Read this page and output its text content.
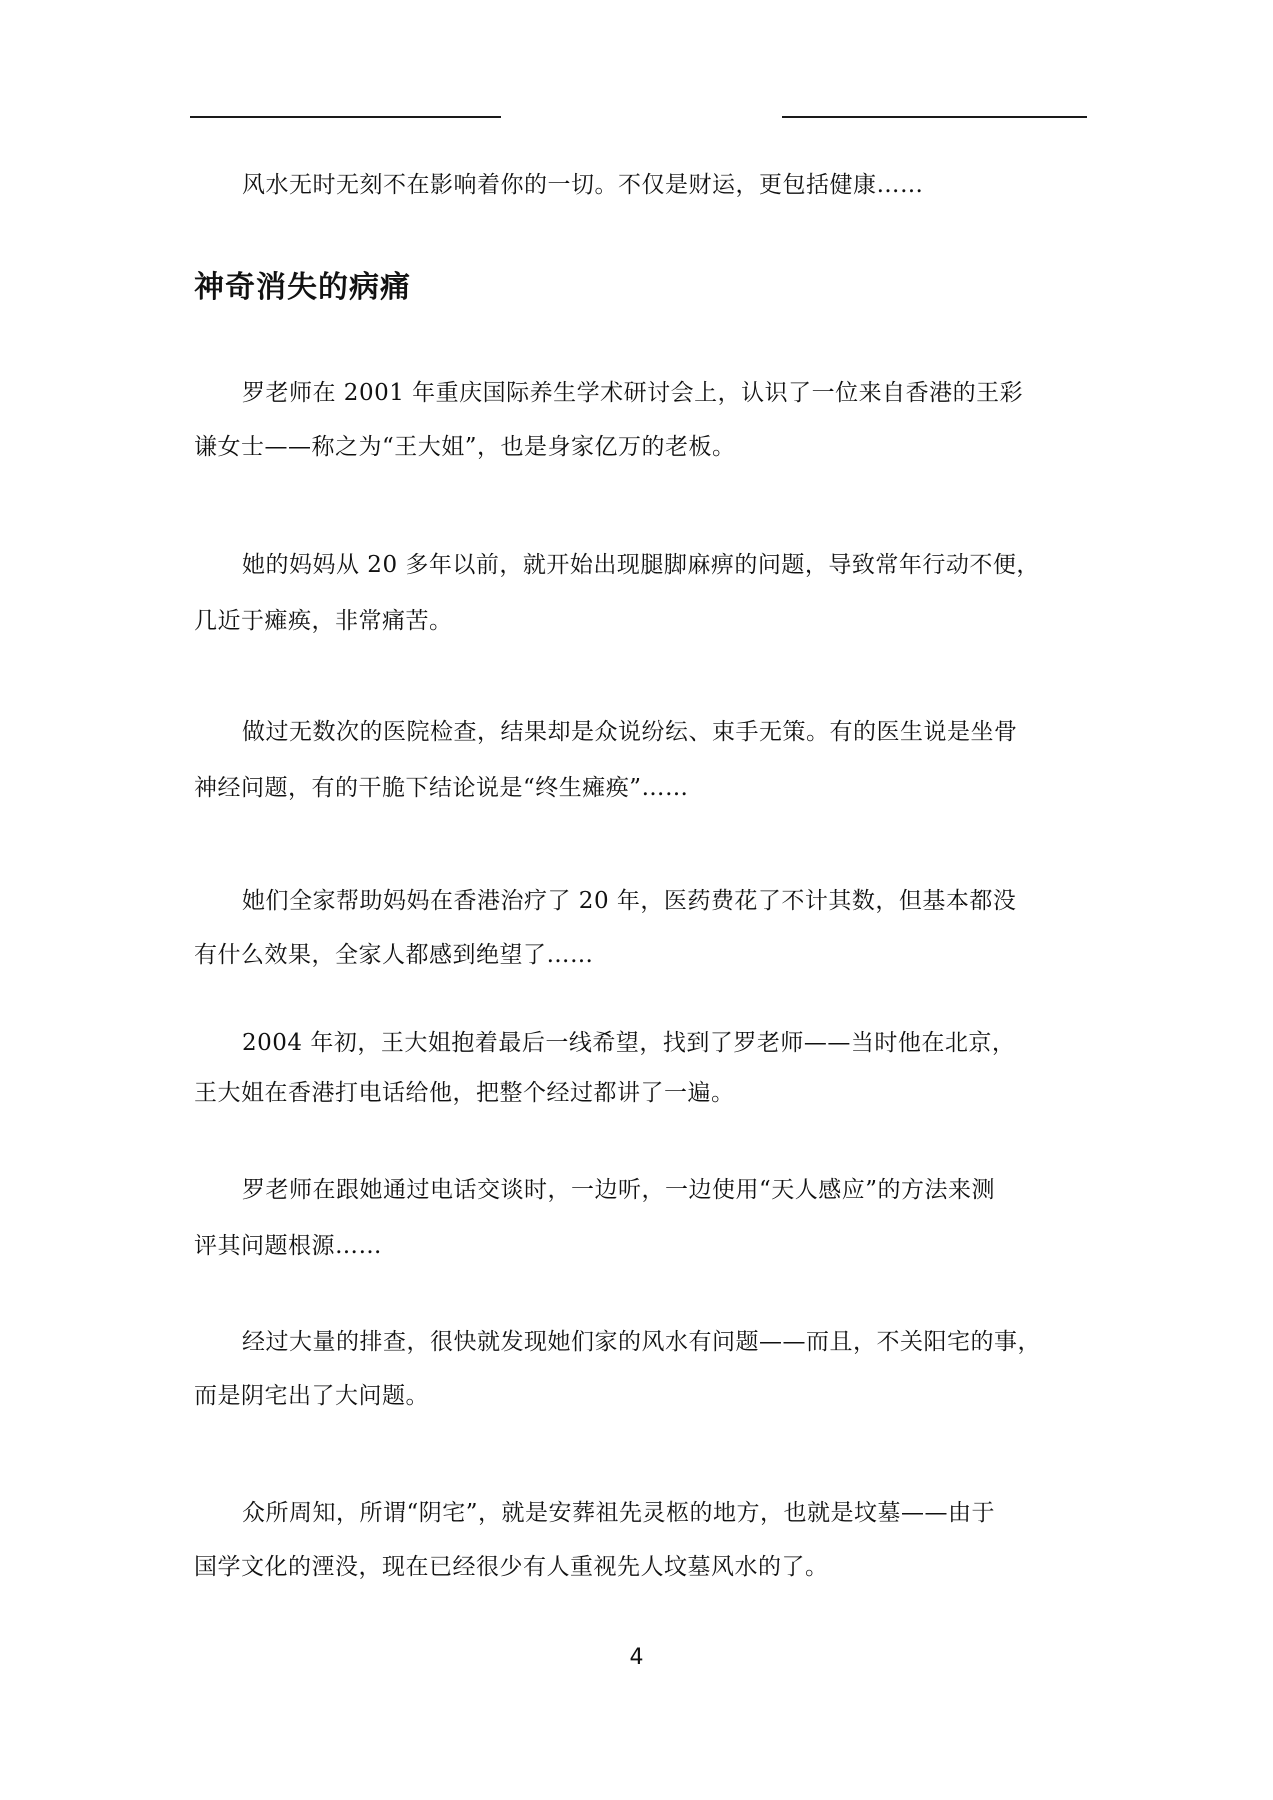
风水无时无刻不在影响着你的一切。不仅是财运，更包括健康……

神奇消失的病痛

罗老师在 2001 年重庆国际养生学术研讨会上，认识了一位来自香港的王彩
谦女士——称之为“王大姐”，也是身家亿万的老板。

她的妈妈从 20 多年以前，就开始出现腿脚麻痹的问题，导致常年行动不便，
几近于瘫痪，非常痛苦。

做过无数次的医院检查，结果却是众说纷纭、束手无策。有的医生说是坐骨
神经问题，有的干脆下结论说是“终生瘫痪”……

她们全家帮助妈妈在香港治疗了 20 年，医药费花了不计其数，但基本都没
有什么效果，全家人都感到绝望了……

2004 年初，王大姐抱着最后一线希望，找到了罗老师——当时他在北京，
王大姐在香港打电话给他，把整个经过都讲了一遍。

罗老师在跟她通过电话交谈时，一边听，一边使用“天人感应”的方法来测
评其问题根源……

经过大量的排查，很快就发现她们家的风水有问题——而且，不关阳宅的事，
而是阴宅出了大问题。

众所周知，所谓“阴宅”，就是安葬祖先灵柩的地方，也就是坟墓——由于
国学文化的湮没，现在已经很少有人重视先人坟墓风水的了。

4
